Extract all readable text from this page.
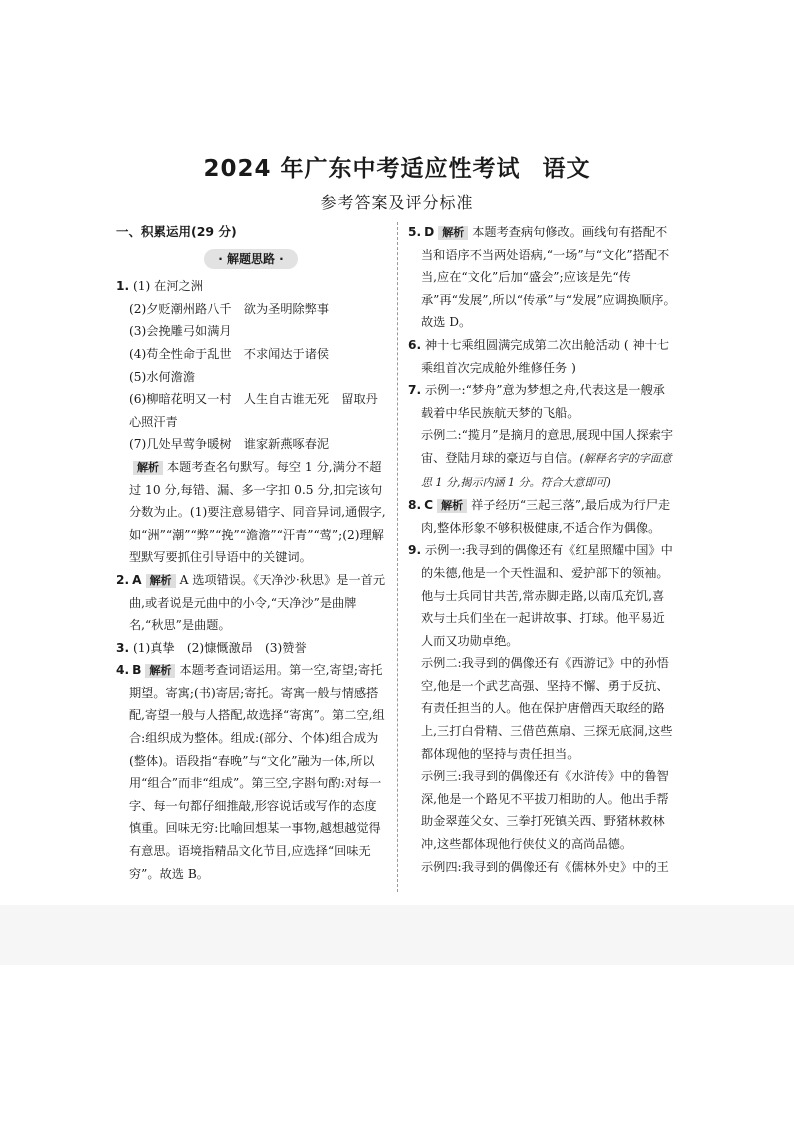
2024 年广东中考适应性考试 语文
参考答案及评分标准

一、积累运用(29 分)

· 解题思路 ·
1. (1) 在河之洲

(2)夕贬潮州路八千　欲为圣明除弊事

(3)会挽雕弓如满月

(4)苟全性命于乱世　不求闻达于诸侯

(5)水何澹澹

(6)柳暗花明又一村　人生自古谁无死　留取丹心照汗青

(7)几处早莺争暖树　谁家新燕啄春泥

解析 本题考查名句默写。每空 1 分,满分不超过 10 分,每错、漏、多一字扣 0.5 分,扣完该句分数为止。(1)要注意易错字、同音异词,通假字,如“洲”“潮”“弊”“挽”“澹澹”“汗青”“莺”;(2)理解型默写要抓住引导语中的关键词。

2. A 解析 A 选项错误。《天净沙·秋思》是一首元曲,或者说是元曲中的小令,“天净沙”是曲牌名,“秋思”是曲题。

3. (1)真挚　(2)慷慨激昂　(3)赞誉

4. B 解析 本题考查词语运用。第一空,寄望;寄托期望。寄寓;(书)寄居;寄托。寄寓一般与情感搭配,寄望一般与人搭配,故选择“寄寓”。第二空,组合:组织成为整体。组成:(部分、个体)组合成为(整体)。语段指“春晚”与“文化”融为一体,所以用“组合”而非“组成”。第三空,字斟句酌:对每一字、每一句都仔细推敲,形容说话或写作的态度慎重。回味无穷:比喻回想某一事物,越想越觉得有意思。语境指精品文化节目,应选择“回味无穷”。故选 B。

5. D 解析 本题考查病句修改。画线句有搭配不当和语序不当两处语病,“一场”与“文化”搭配不当,应在“文化”后加“盛会”;应该是先“传承”再“发展”,所以“传承”与“发展”应调换顺序。故选 D。

6. 神十七乘组圆满完成第二次出舱活动 ( 神十七乘组首次完成舱外维修任务 )

7. 示例一:“梦舟”意为梦想之舟,代表这是一艘承载着中华民族航天梦的飞船。

示例二:“揽月”是摘月的意思,展现中国人探索宇宙、登陆月球的豪迈与自信。(解释名字的字面意思 1 分,揭示内涵 1 分。符合大意即可)

8. C 解析 祥子经历“三起三落”,最后成为行尸走肉,整体形象不够积极健康,不适合作为偶像。

9. 示例一:我寻到的偶像还有《红星照耀中国》中的朱德,他是一个天性温和、爱护部下的领袖。他与士兵同甘共苦,常赤脚走路,以南瓜充饥,喜欢与士兵们坐在一起讲故事、打球。他平易近人而又功勋卓绝。

示例二:我寻到的偶像还有《西游记》中的孙悟空,他是一个武艺高强、坚持不懈、勇于反抗、有责任担当的人。他在保护唐僧西天取经的路上,三打白骨精、三借芭蕉扇、三探无底洞,这些都体现他的坚持与责任担当。

示例三:我寻到的偶像还有《水浒传》中的鲁智深,他是一个路见不平拔刀相助的人。他出手帮助金翠莲父女、三拳打死镇关西、野猪林救林冲,这些都体现他行侠仗义的高尚品德。

示例四:我寻到的偶像还有《儒林外史》中的王
